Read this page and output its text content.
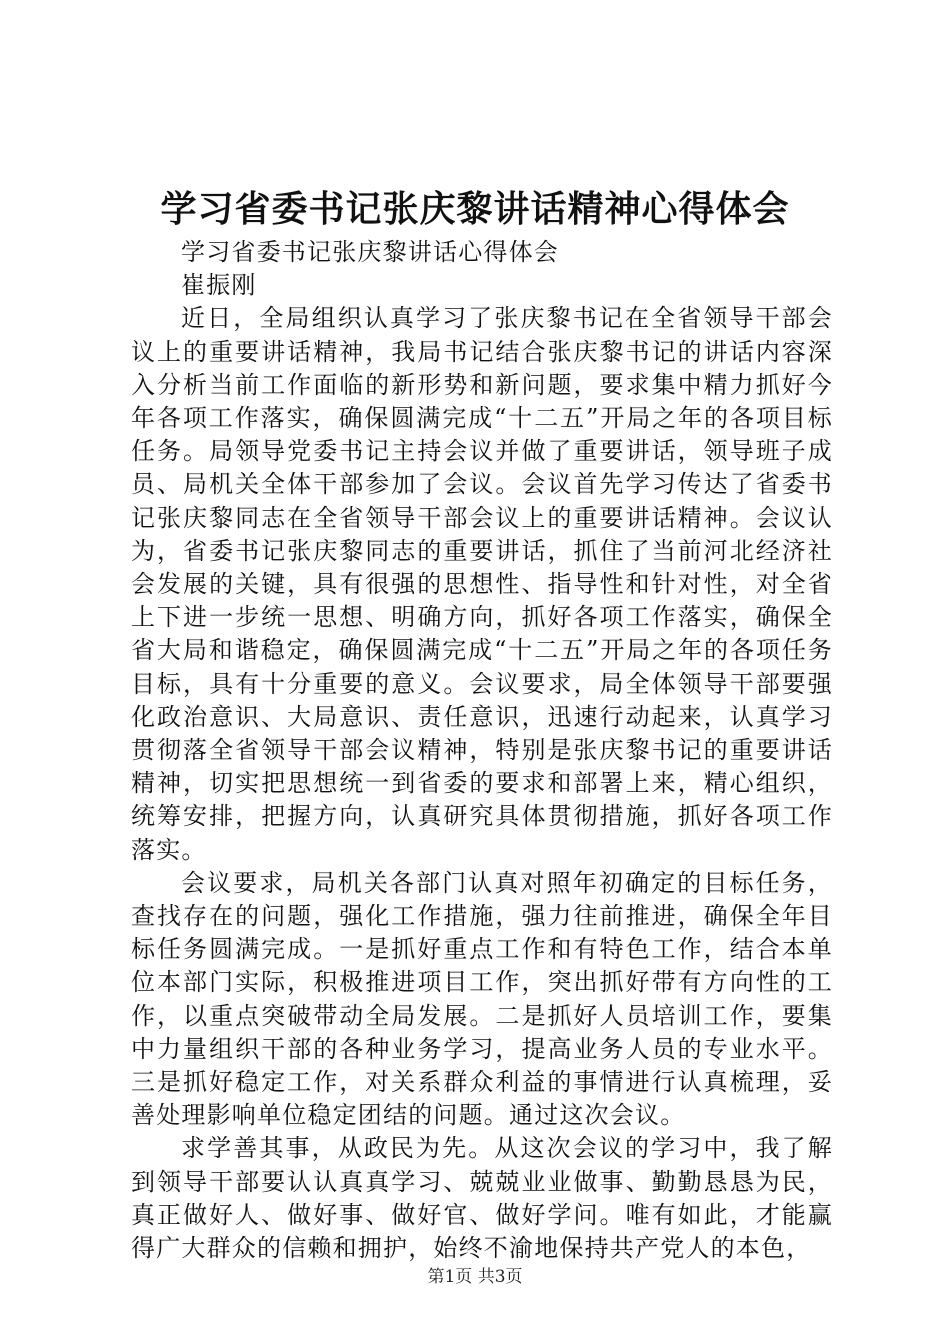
学习省委书记张庆黎讲话精神心得体会

学习省委书记张庆黎讲话心得体会

崔振刚

近日，全局组织认真学习了张庆黎书记在全省领导干部会议上的重要讲话精神，我局书记结合张庆黎书记的讲话内容深入分析当前工作面临的新形势和新问题，要求集中精力抓好今年各项工作落实，确保圆满完成“十二五”开局之年的各项目标任务。局领导党委书记主持会议并做了重要讲话，领导班子成员、局机关全体干部参加了会议。会议首先学习传达了省委书记张庆黎同志在全省领导干部会议上的重要讲话精神。会议认为，省委书记张庆黎同志的重要讲话，抓住了当前河北经济社会发展的关键，具有很强的思想性、指导性和针对性，对全省上下进一步统一思想、明确方向，抓好各项工作落实，确保全省大局和谐稳定，确保圆满完成“十二五”开局之年的各项任务目标，具有十分重要的意义。会议要求，局全体领导干部要强化政治意识、大局意识、责任意识，迅速行动起来，认真学习贯彻落全省领导干部会议精神，特别是张庆黎书记的重要讲话精神，切实把思想统一到省委的要求和部署上来，精心组织，统筹安排，把握方向，认真研究具体贯彻措施，抓好各项工作落实。

会议要求，局机关各部门认真对照年初确定的目标任务，查找存在的问题，强化工作措施，强力往前推进，确保全年目标任务圆满完成。一是抓好重点工作和有特色工作，结合本单位本部门实际，积极推进项目工作，突出抓好带有方向性的工作，以重点突破带动全局发展。二是抓好人员培训工作，要集中力量组织干部的各种业务学习，提高业务人员的专业水平。三是抓好稳定工作，对关系群众利益的事情进行认真梳理，妥善处理影响单位稳定团结的问题。通过这次会议。

求学善其事，从政民为先。从这次会议的学习中，我了解到领导干部要认认真真学习、兢兢业业做事、勤勤恳恳为民，真正做好人、做好事、做好官、做好学问。唯有如此，才能赢得广大群众的信赖和拥护，始终不渝地保持共产党人的本色，

第1页 共3页
